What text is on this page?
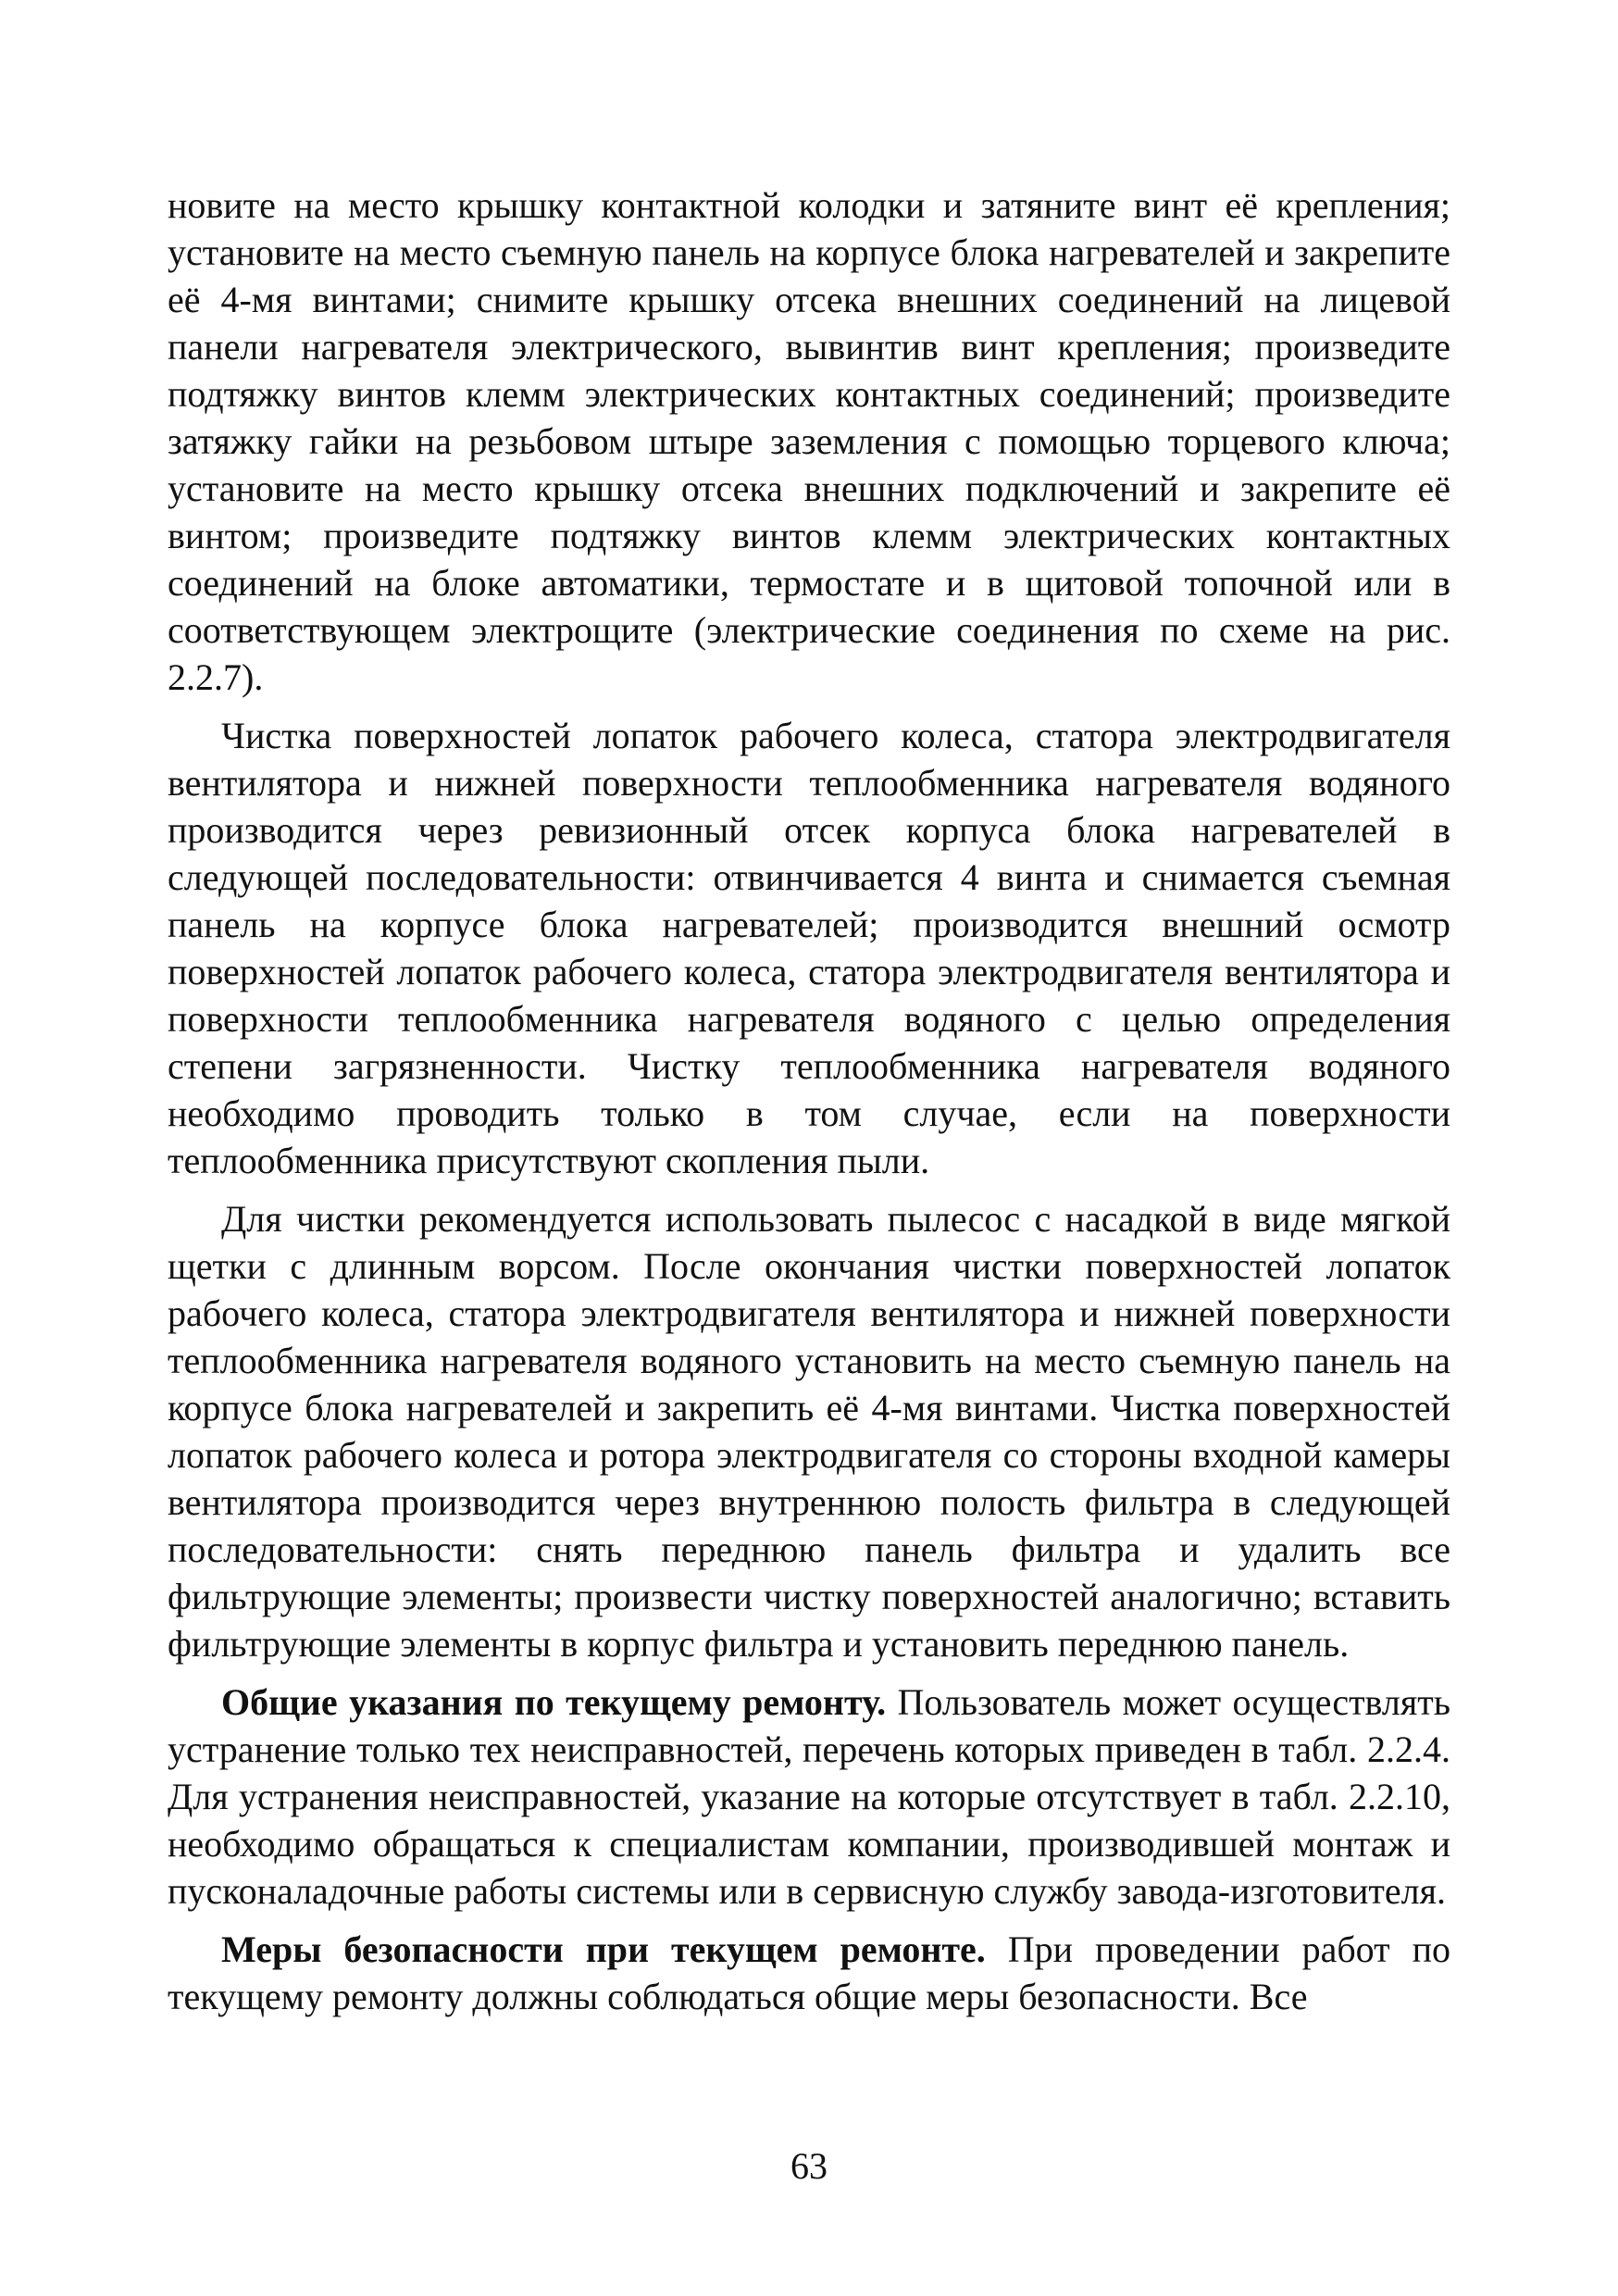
новите на место крышку контактной колодки и затяните винт её крепления; установите на место съемную панель на корпусе блока нагревателей и закрепите её 4-мя винтами; снимите крышку отсека внешних соединений на лицевой панели нагревателя электрического, вывинтив винт крепления; произведите подтяжку винтов клемм электрических контактных соединений; произведите затяжку гайки на резьбовом штыре заземления с помощью торцевого ключа; установите на место крышку отсека внешних подключений и закрепите её винтом; произведите подтяжку винтов клемм электрических контактных соединений на блоке автоматики, термостате и в щитовой топочной или в соответствующем электрощите (электрические соединения по схеме на рис. 2.2.7).

Чистка поверхностей лопаток рабочего колеса, статора электродвигателя вентилятора и нижней поверхности теплообменника нагревателя водяного производится через ревизионный отсек корпуса блока нагревателей в следующей последовательности: отвинчивается 4 винта и снимается съемная панель на корпусе блока нагревателей; производится внешний осмотр поверхностей лопаток рабочего колеса, статора электродвигателя вентилятора и поверхности теплообменника нагревателя водяного с целью определения степени загрязненности. Чистку теплообменника нагревателя водяного необходимо проводить только в том случае, если на поверхности теплообменника присутствуют скопления пыли.

Для чистки рекомендуется использовать пылесос с насадкой в виде мягкой щетки с длинным ворсом. После окончания чистки поверхностей лопаток рабочего колеса, статора электродвигателя вентилятора и нижней поверхности теплообменника нагревателя водяного установить на место съемную панель на корпусе блока нагревателей и закрепить её 4-мя винтами. Чистка поверхностей лопаток рабочего колеса и ротора электродвигателя со стороны входной камеры вентилятора производится через внутреннюю полость фильтра в следующей последовательности: снять переднюю панель фильтра и удалить все фильтрующие элементы; произвести чистку поверхностей аналогично; вставить фильтрующие элементы в корпус фильтра и установить переднюю панель.

Общие указания по текущему ремонту. Пользователь может осуществлять устранение только тех неисправностей, перечень которых приведен в табл. 2.2.4. Для устранения неисправностей, указание на которые отсутствует в табл. 2.2.10, необходимо обращаться к специалистам компании, производившей монтаж и пусконаладочные работы системы или в сервисную службу завода-изготовителя.

Меры безопасности при текущем ремонте. При проведении работ по текущему ремонту должны соблюдаться общие меры безопасности. Все

63
